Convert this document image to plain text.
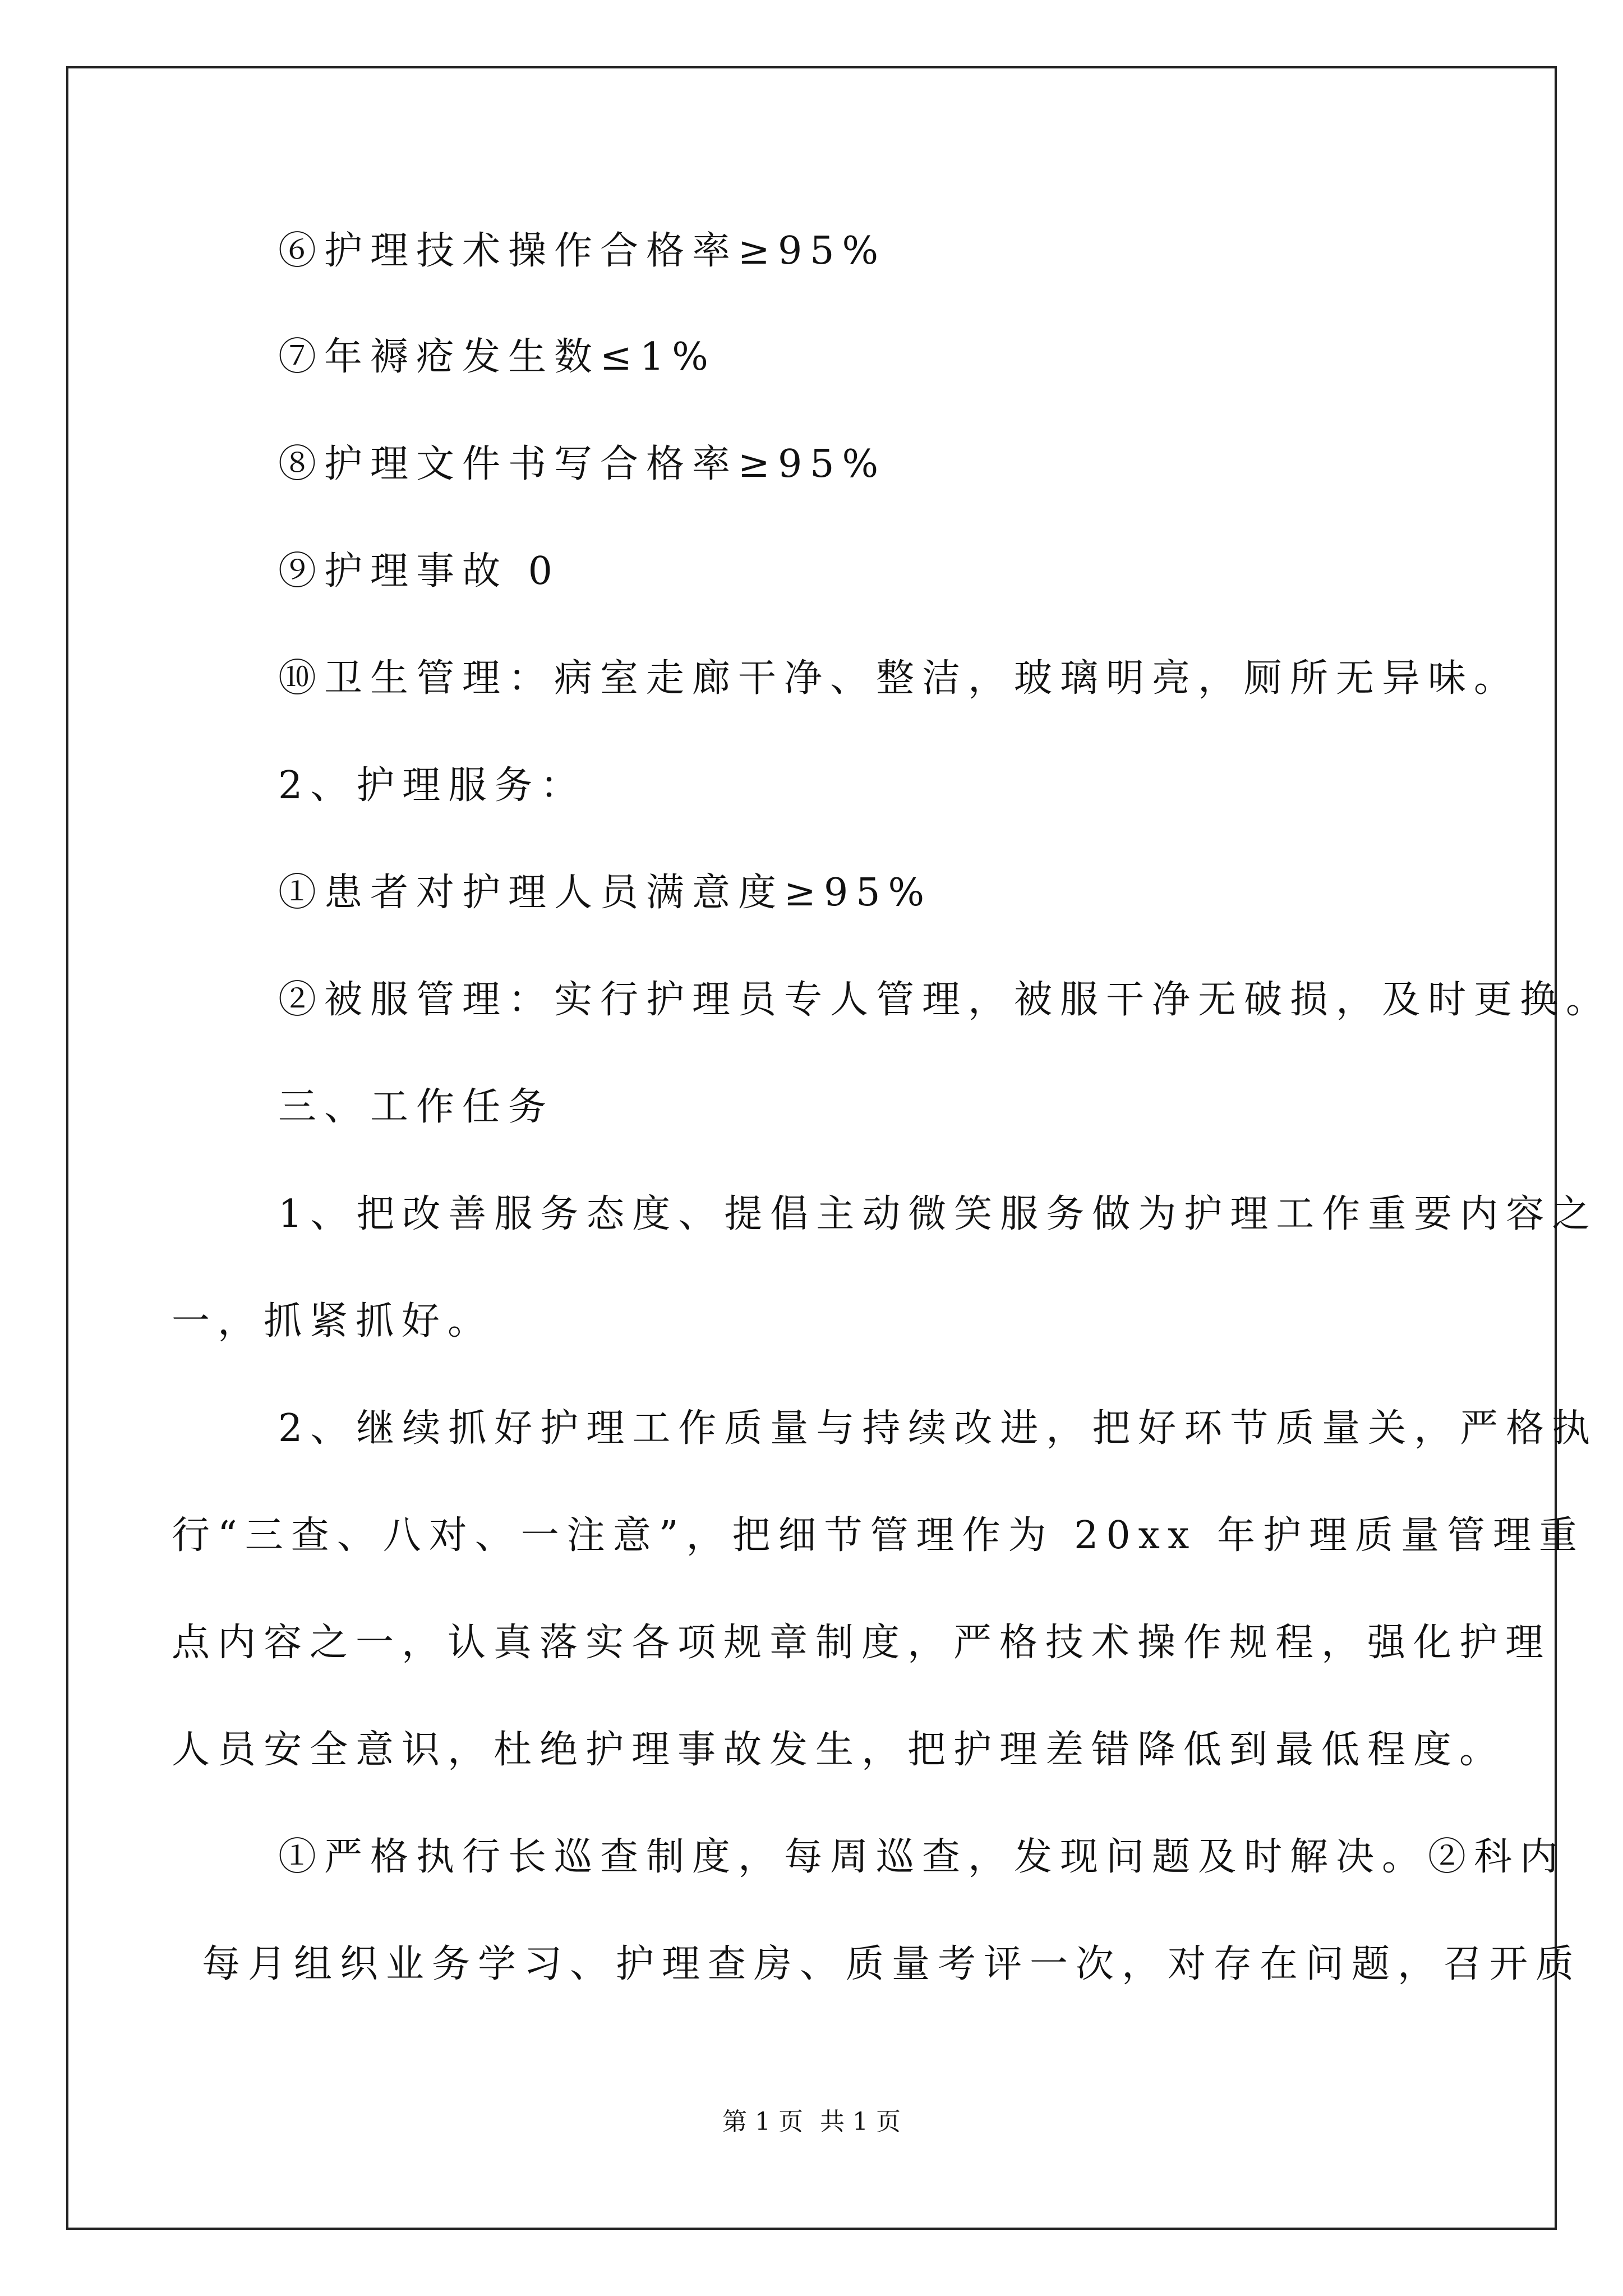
⑥护理技术操作合格率≥95%
⑦年褥疮发生数≤1%
⑧护理文件书写合格率≥95%
⑨护理事故 0
⑩卫生管理：病室走廊干净、整洁，玻璃明亮，厕所无异味。
2、护理服务：
①患者对护理人员满意度≥95%
②被服管理：实行护理员专人管理，被服干净无破损，及时更换。
三、工作任务
1、把改善服务态度、提倡主动微笑服务做为护理工作重要内容之
一，抓紧抓好。
2、继续抓好护理工作质量与持续改进，把好环节质量关，严格执
行“三查、八对、一注意”，把细节管理作为 20xx 年护理质量管理重
点内容之一，认真落实各项规章制度，严格技术操作规程，强化护理
人员安全意识，杜绝护理事故发生，把护理差错降低到最低程度。
①严格执行长巡查制度，每周巡查，发现问题及时解决。②科内
每月组织业务学习、护理查房、质量考评一次，对存在问题，召开质
第 1 页 共 1 页
